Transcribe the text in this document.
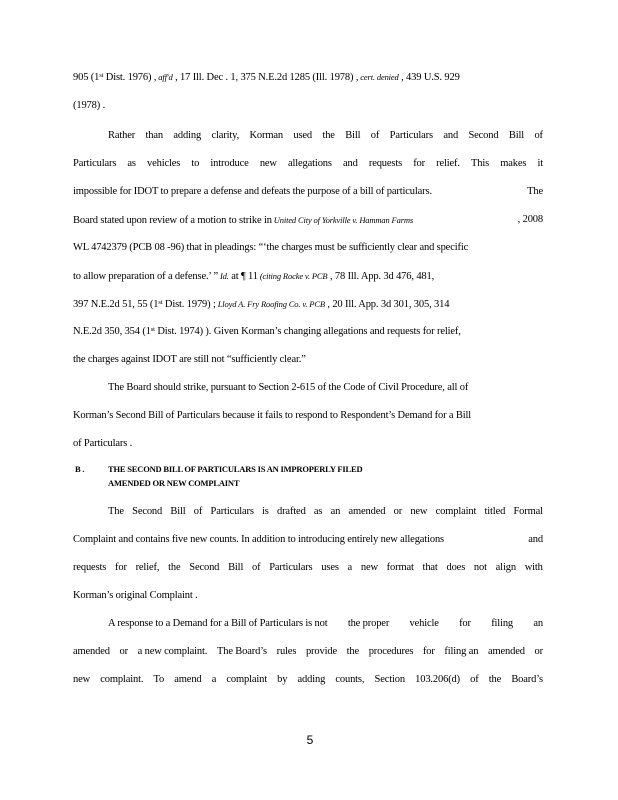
905 (1st Dist. 1976) , aff'd , 17 Ill. Dec . 1, 375 N.E.2d 1285 (Ill. 1978) , cert. denied , 439 U.S. 929
(1978) .
Rather than adding clarity, Korman used the Bill of Particulars and Second Bill of
Particulars as vehicles to introduce new allegations and requests for relief. This makes it
impossible for IDOT to prepare a defense and defeats the purpose of a bill of particulars.	The
Board stated upon review of a motion to strike in United City of Yorkville v. Hamman Farms	, 2008
WL 4742379 (PCB 08 -96) that in pleadings: “‘the charges must be sufficiently clear and specific
to allow preparation of a defense.’ ” Id. at ¶ 11 (citing Rocke v. PCB , 78 Ill. App. 3d 476, 481,
397 N.E.2d 51, 55 (1st Dist. 1979) ; Lloyd A. Fry Roofing Co. v. PCB , 20 Ill. App. 3d 301, 305, 314
N.E.2d 350, 354 (1st Dist. 1974) ). Given Korman’s changing allegations and requests for relief,
the charges against IDOT are still not “sufficiently clear.”
The Board should strike, pursuant to Section 2-615 of the Code of Civil Procedure, all of
Korman’s Second Bill of Particulars because it fails to respond to Respondent’s Demand for a Bill
of Particulars .
B .	THE SECOND BILL OF PARTICULARS IS AN IMPROPERLY FILED
AMENDED OR NEW COMPLAINT
The Second Bill of Particulars is drafted as an amended or new complaint titled Formal
Complaint and contains five new counts. In addition to introducing entirely new allegations	and
requests for relief, the Second Bill of Particulars uses a new format that does not align with
Korman’s original Complaint .
A response to a Demand for a Bill of Particulars is not the proper vehicle for filing an
amended or a new complaint. The Board’s rules provide the procedures for filing an amended or
new complaint. To amend a complaint by adding counts, Section 103.206(d) of the Board’s
5
